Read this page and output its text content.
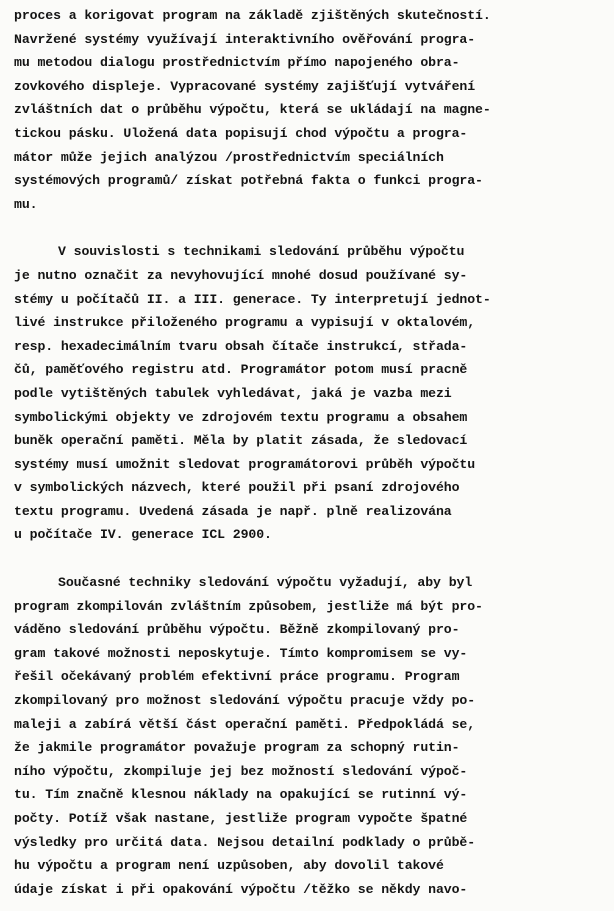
proces a korigovat program na základě zjištěných skutečností.
Navržené systémy využívají interaktivního ověřování progra-
mu metodou dialogu prostřednictvím přímo napojeného obra-
zovkového displeje. Vypracované systémy zajišťují vytváření
zvláštních dat o průběhu výpočtu, která se ukládají na magne-
tickou pásku. Uložená data popisují chod výpočtu a progra-
mátor může jejich analýzou /prostřednictvím speciálních
systémových programů/ získat potřebná fakta o funkci progra-
mu.
V souvislosti s technikami sledování průběhu výpočtu
je nutno označit za nevyhovující mnohé dosud používané sy-
stémy u počítačů II. a III. generace. Ty interpretují jednot-
livé instrukce přiloženého programu a vypisují v oktalovém,
resp. hexadecimálním tvaru obsah čítače instrukcí, střada-
čů, paměťového registru atd. Programátor potom musí pracně
podle vytištěných tabulek vyhledávat, jaká je vazba mezi
symbolickými objekty ve zdrojovém textu programu a obsahem
buněk operační paměti. Měla by platit zásada, že sledovací
systémy musí umožnit sledovat programátorovi průběh výpočtu
v symbolických názvech, které použil při psaní zdrojového
textu programu. Uvedená zásada je např. plně realizována
u počítače IV. generace ICL 2900.
Současné techniky sledování výpočtu vyžadují, aby byl
program zkompilován zvláštním způsobem, jestliže má být pro-
váděno sledování průběhu výpočtu. Běžně zkompilovaný pro-
gram takové možnosti neposkytuje. Tímto kompromisem se vy-
řešil očekávaný problém efektivní práce programu. Program
zkompilovaný pro možnost sledování výpočtu pracuje vždy po-
maleji a zabírá větší část operační paměti. Předpokládá se,
že jakmile programátor považuje program za schopný rutin-
ního výpočtu, zkompiluje jej bez možností sledování výpoč-
tu. Tím značně klesnou náklady na opakující se rutinní vý-
počty. Potíž však nastane, jestliže program vypočte špatné
výsledky pro určitá data. Nejsou detailní podklady o průbě-
hu výpočtu a program není uzpůsoben, aby dovolil takové
údaje získat i při opakování výpočtu /těžko se někdy navo-
